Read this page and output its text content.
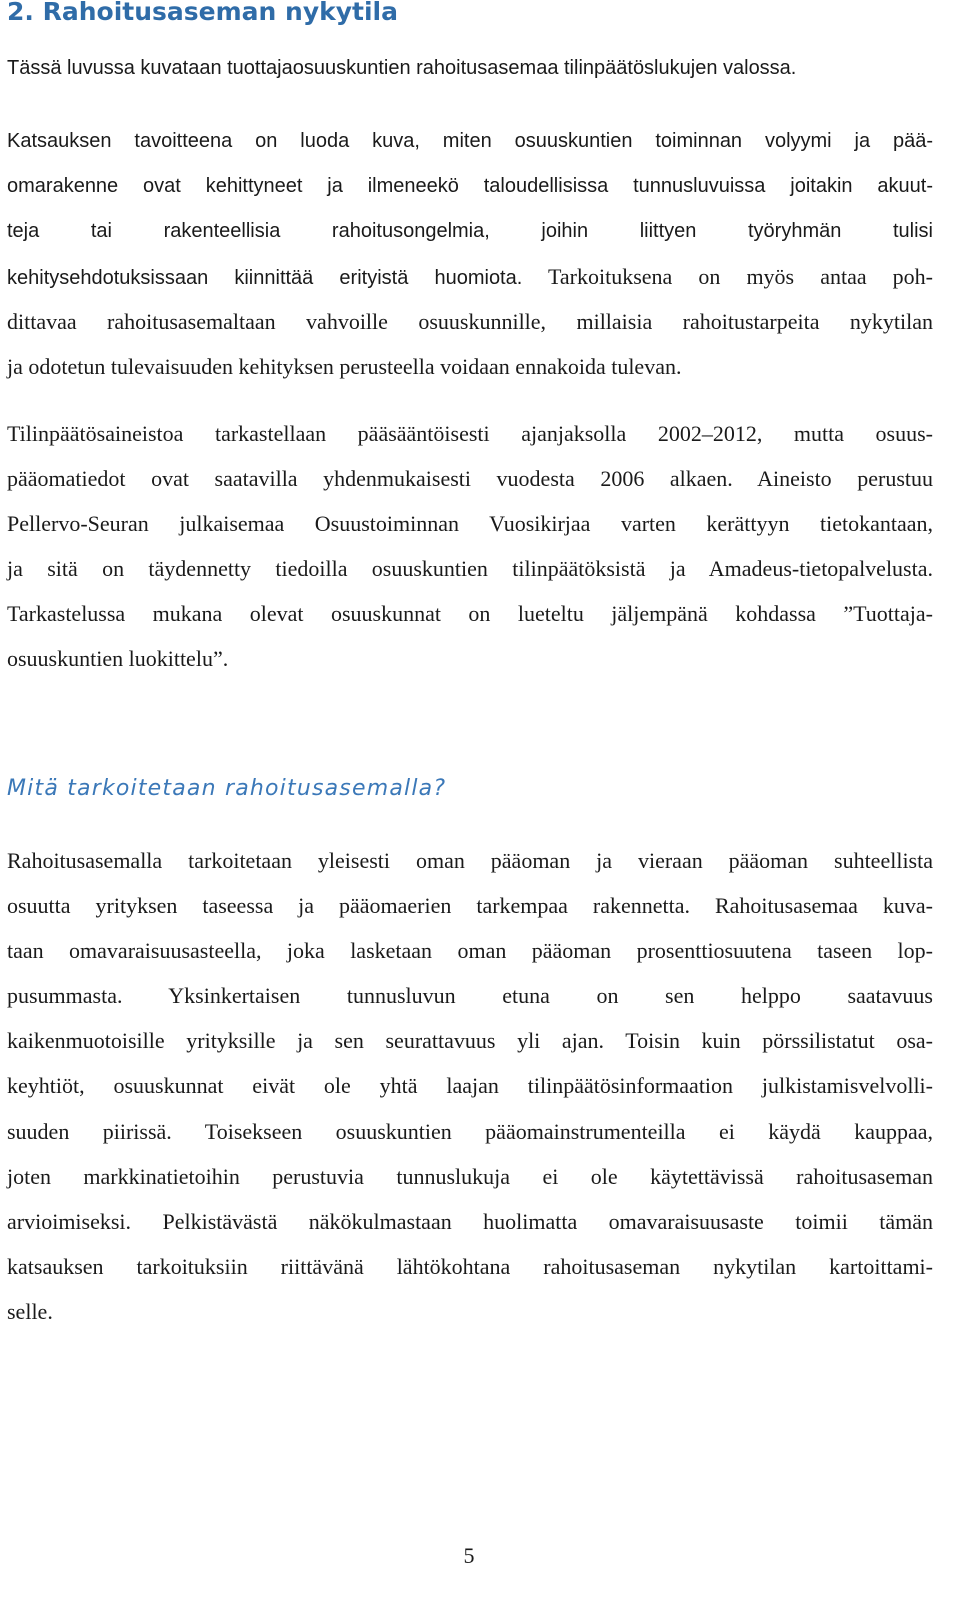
2. Rahoitusaseman nykytila

Tässä luvussa kuvataan tuottajaosuuskuntien rahoitusasemaa tilinpäätöslukujen valossa.

Katsauksen tavoitteena on luoda kuva, miten osuuskuntien toiminnan volyymi ja pää-

omarakenne ovat kehittyneet ja ilmeneekö taloudellisissa tunnusluvuissa joitakin akuut-

teja tai rakenteellisia rahoitusongelmia, joihin liittyen työryhmän tulisi

kehitysehdotuksissaan kiinnittää erityistä huomiota. Tarkoituksena on myös antaa poh-

dittavaa rahoitusasemaltaan vahvoille osuuskunnille, millaisia rahoitustarpeita nykytilan

ja odotetun tulevaisuuden kehityksen perusteella voidaan ennakoida tulevan.

Tilinpäätösaineistoa tarkastellaan pääsääntöisesti ajanjaksolla 2002–2012, mutta osuus-

pääomatiedot ovat saatavilla yhdenmukaisesti vuodesta 2006 alkaen. Aineisto perustuu

Pellervo-Seuran julkaisemaa Osuustoiminnan Vuosikirjaa varten kerättyyn tietokantaan,

ja sitä on täydennetty tiedoilla osuuskuntien tilinpäätöksistä ja Amadeus-tietopalvelusta.

Tarkastelussa mukana olevat osuuskunnat on lueteltu jäljempänä kohdassa ”Tuottaja-

osuuskuntien luokittelu”.

Mitä tarkoitetaan rahoitusasemalla?

Rahoitusasemalla tarkoitetaan yleisesti oman pääoman ja vieraan pääoman suhteellista

osuutta yrityksen taseessa ja pääomaerien tarkempaa rakennetta. Rahoitusasemaa kuva-

taan omavaraisuusasteella, joka lasketaan oman pääoman prosenttiosuutena taseen lop-

pusummasta. Yksinkertaisen tunnusluvun etuna on sen helppo saatavuus

kaikenmuotoisille yrityksille ja sen seurattavuus yli ajan. Toisin kuin pörssilistatut osa-

keyhtiöt, osuuskunnat eivät ole yhtä laajan tilinpäätösinformaation julkistamisvelvolli-

suuden piirissä. Toisekseen osuuskuntien pääomainstrumenteilla ei käydä kauppaa,

joten markkinatietoihin perustuvia tunnuslukuja ei ole käytettävissä rahoitusaseman

arvioimiseksi. Pelkistävästä näkökulmastaan huolimatta omavaraisuusaste toimii tämän

katsauksen tarkoituksiin riittävänä lähtökohtana rahoitusaseman nykytilan kartoittami-

selle.

5
